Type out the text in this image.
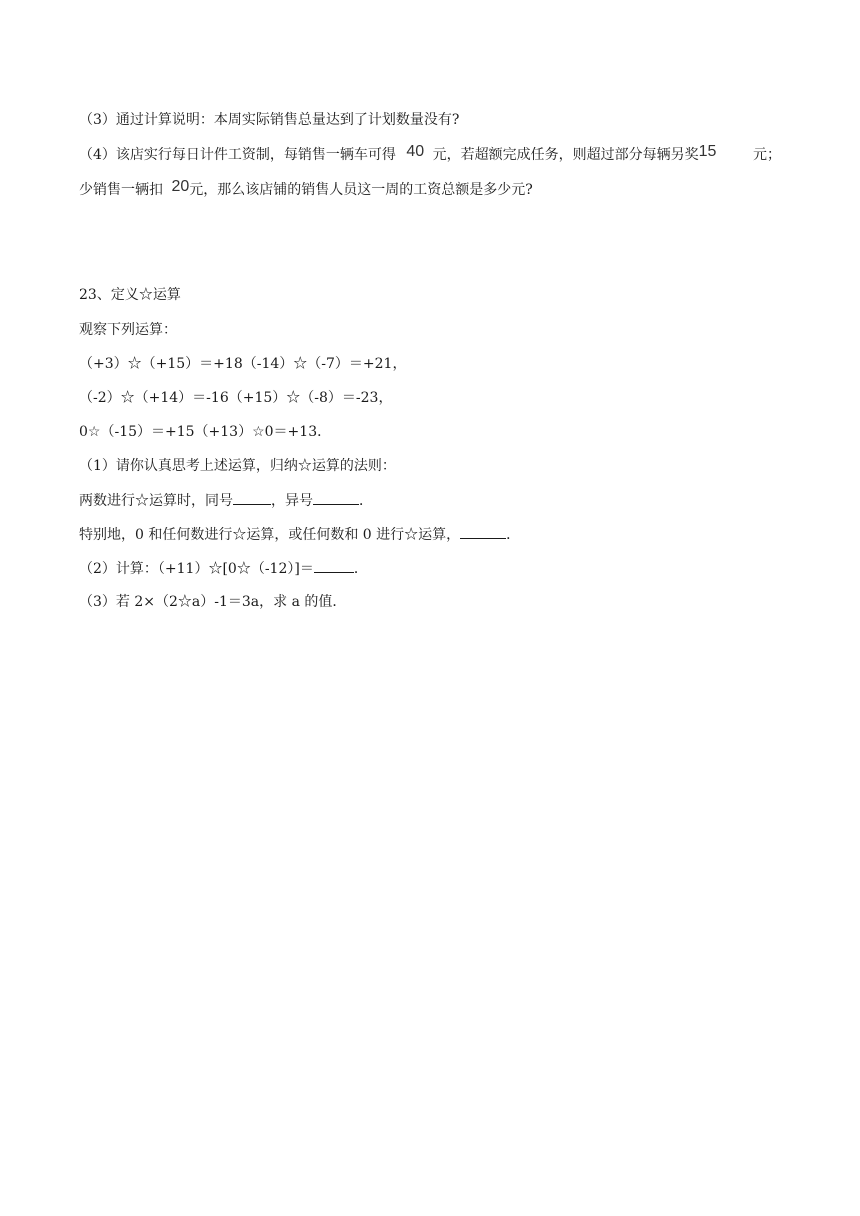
（3）通过计算说明：本周实际销售总量达到了计划数量没有?
（4）该店实行每日计件工资制，每销售一辆车可得 40 元，若超额完成任务，则超过部分每辆另奖15	元；
少销售一辆扣 20元，那么该店铺的销售人员这一周的工资总额是多少元?
23、定义☆运算
观察下列运算：
（+3）☆（+15）＝+18（-14）☆（-7）＝+21，
（-2）☆（+14）＝-16（+15）☆（-8）＝-23，
0☆（-15）＝+15（+13）☆0＝+13．
（1）请你认真思考上述运算，归纳☆运算的法则：
两数进行☆运算时，同号	，异号	．
特别地，0 和任何数进行☆运算，或任何数和 0 进行☆运算，	．
（2）计算：（+11）☆[0☆（-12）]＝	．
（3）若 2×（2☆a）-1＝3a，求 a 的值．
